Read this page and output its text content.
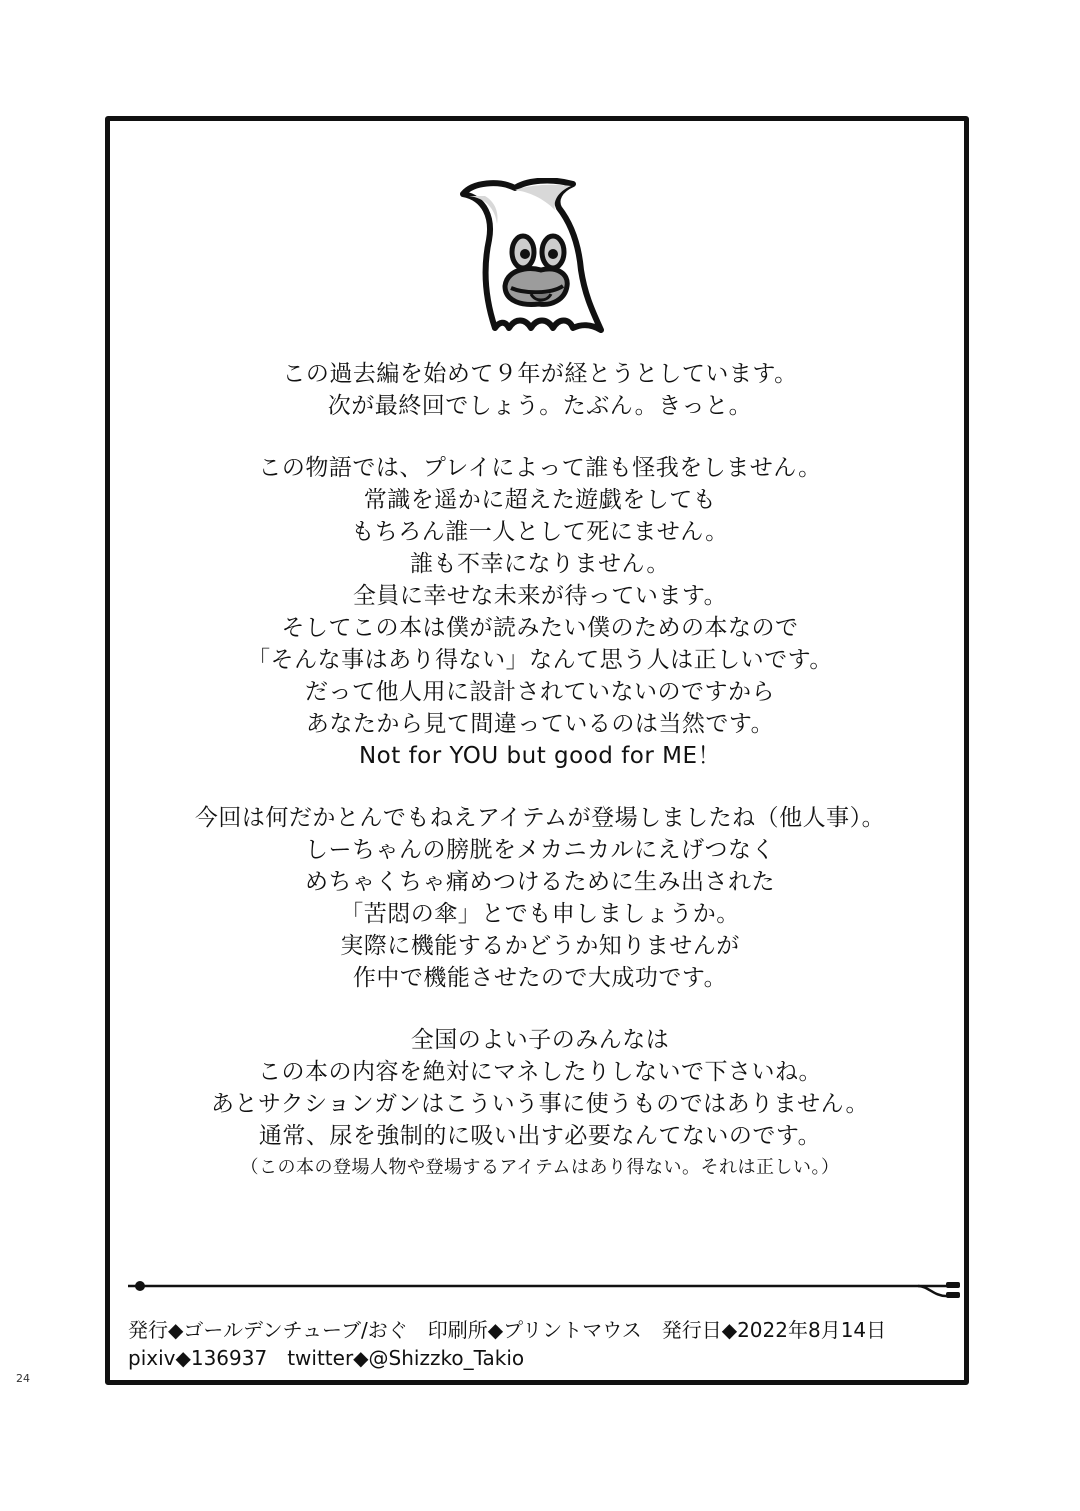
この過去編を始めて９年が経とうとしています。
次が最終回でしょう。たぶん。きっと。
この物語では、プレイによって誰も怪我をしません。
常識を遥かに超えた遊戯をしても
もちろん誰一人として死にません。
誰も不幸になりません。
全員に幸せな未来が待っています。
そしてこの本は僕が読みたい僕のための本なので
「そんな事はあり得ない」なんて思う人は正しいです。
だって他人用に設計されていないのですから
あなたから見て間違っているのは当然です。
Not for YOU but good for ME！
今回は何だかとんでもねえアイテムが登場しましたね（他人事）。
しーちゃんの膀胱をメカニカルにえげつなく
めちゃくちゃ痛めつけるために生み出された
「苦悶の傘」とでも申しましょうか。
実際に機能するかどうか知りませんが
作中で機能させたので大成功です。
全国のよい子のみんなは
この本の内容を絶対にマネしたりしないで下さいね。
あとサクションガンはこういう事に使うものではありません。
通常、尿を強制的に吸い出す必要なんてないのです。
（この本の登場人物や登場するアイテムはあり得ない。それは正しい。）
発行◆ゴールデンチューブ/おぐ　印刷所◆プリントマウス　発行日◆2022年8月14日
pixiv◆136937　twitter◆@Shizzko_Takio
24
